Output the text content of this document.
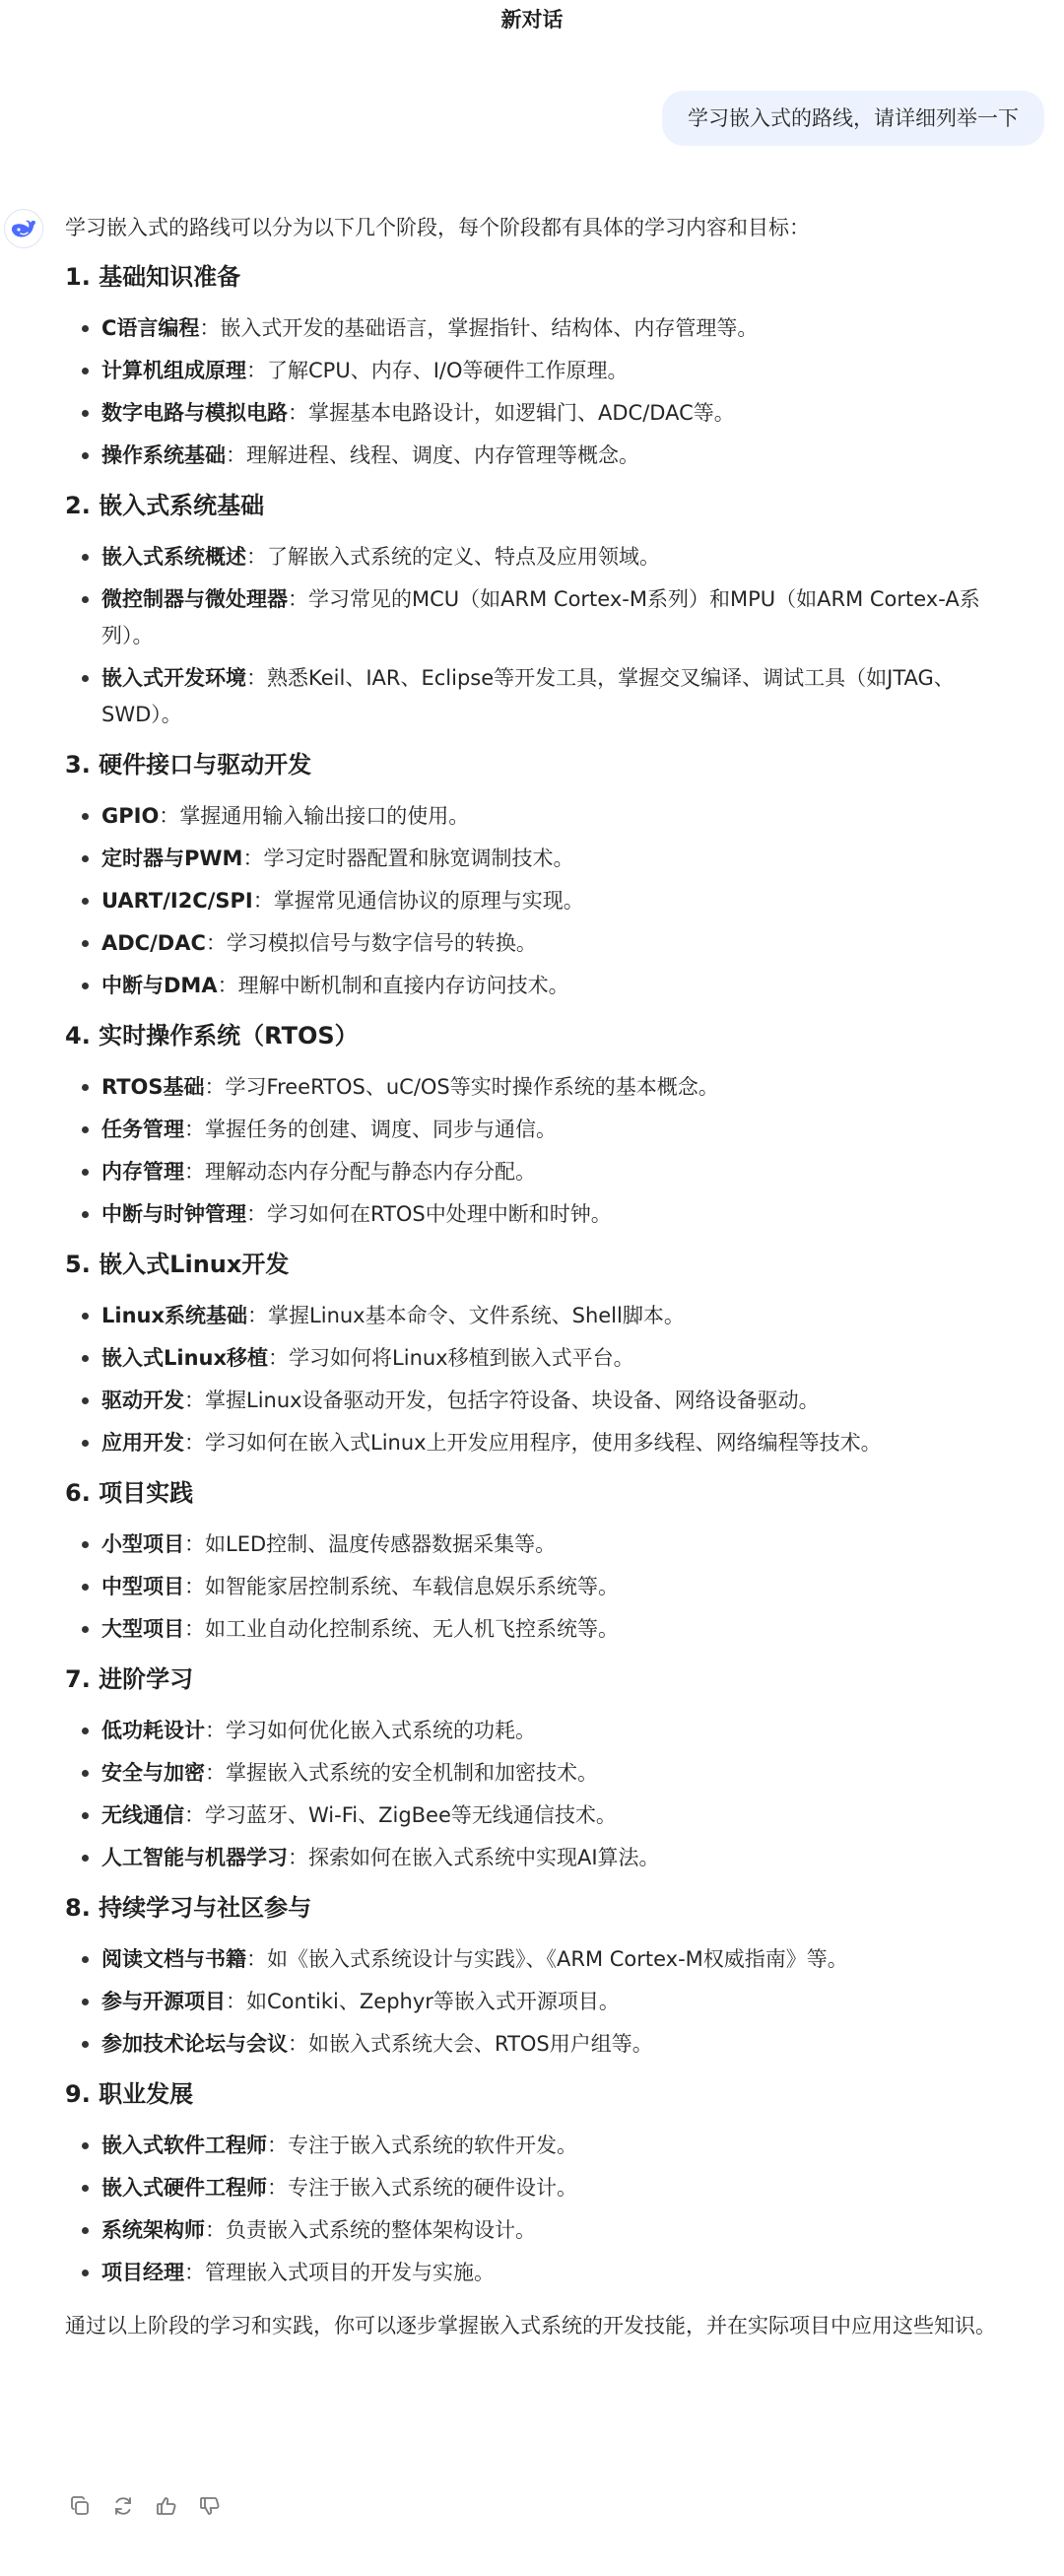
新对话
学习嵌入式的路线，请详细列举一下
学习嵌入式的路线可以分为以下几个阶段，每个阶段都有具体的学习内容和目标：
1. 基础知识准备
C语言编程：嵌入式开发的基础语言，掌握指针、结构体、内存管理等。
计算机组成原理：了解CPU、内存、I/O等硬件工作原理。
数字电路与模拟电路：掌握基本电路设计，如逻辑门、ADC/DAC等。
操作系统基础：理解进程、线程、调度、内存管理等概念。
2. 嵌入式系统基础
嵌入式系统概述：了解嵌入式系统的定义、特点及应用领域。
微控制器与微处理器：学习常见的MCU（如ARM Cortex-M系列）和MPU（如ARM Cortex-A系列）。
嵌入式开发环境：熟悉Keil、IAR、Eclipse等开发工具，掌握交叉编译、调试工具（如JTAG、SWD）。
3. 硬件接口与驱动开发
GPIO：掌握通用输入输出接口的使用。
定时器与PWM：学习定时器配置和脉宽调制技术。
UART/I2C/SPI：掌握常见通信协议的原理与实现。
ADC/DAC：学习模拟信号与数字信号的转换。
中断与DMA：理解中断机制和直接内存访问技术。
4. 实时操作系统（RTOS）
RTOS基础：学习FreeRTOS、uC/OS等实时操作系统的基本概念。
任务管理：掌握任务的创建、调度、同步与通信。
内存管理：理解动态内存分配与静态内存分配。
中断与时钟管理：学习如何在RTOS中处理中断和时钟。
5. 嵌入式Linux开发
Linux系统基础：掌握Linux基本命令、文件系统、Shell脚本。
嵌入式Linux移植：学习如何将Linux移植到嵌入式平台。
驱动开发：掌握Linux设备驱动开发，包括字符设备、块设备、网络设备驱动。
应用开发：学习如何在嵌入式Linux上开发应用程序，使用多线程、网络编程等技术。
6. 项目实践
小型项目：如LED控制、温度传感器数据采集等。
中型项目：如智能家居控制系统、车载信息娱乐系统等。
大型项目：如工业自动化控制系统、无人机飞控系统等。
7. 进阶学习
低功耗设计：学习如何优化嵌入式系统的功耗。
安全与加密：掌握嵌入式系统的安全机制和加密技术。
无线通信：学习蓝牙、Wi-Fi、ZigBee等无线通信技术。
人工智能与机器学习：探索如何在嵌入式系统中实现AI算法。
8. 持续学习与社区参与
阅读文档与书籍：如《嵌入式系统设计与实践》、《ARM Cortex-M权威指南》等。
参与开源项目：如Contiki、Zephyr等嵌入式开源项目。
参加技术论坛与会议：如嵌入式系统大会、RTOS用户组等。
9. 职业发展
嵌入式软件工程师：专注于嵌入式系统的软件开发。
嵌入式硬件工程师：专注于嵌入式系统的硬件设计。
系统架构师：负责嵌入式系统的整体架构设计。
项目经理：管理嵌入式项目的开发与实施。
通过以上阶段的学习和实践，你可以逐步掌握嵌入式系统的开发技能，并在实际项目中应用这些知识。
